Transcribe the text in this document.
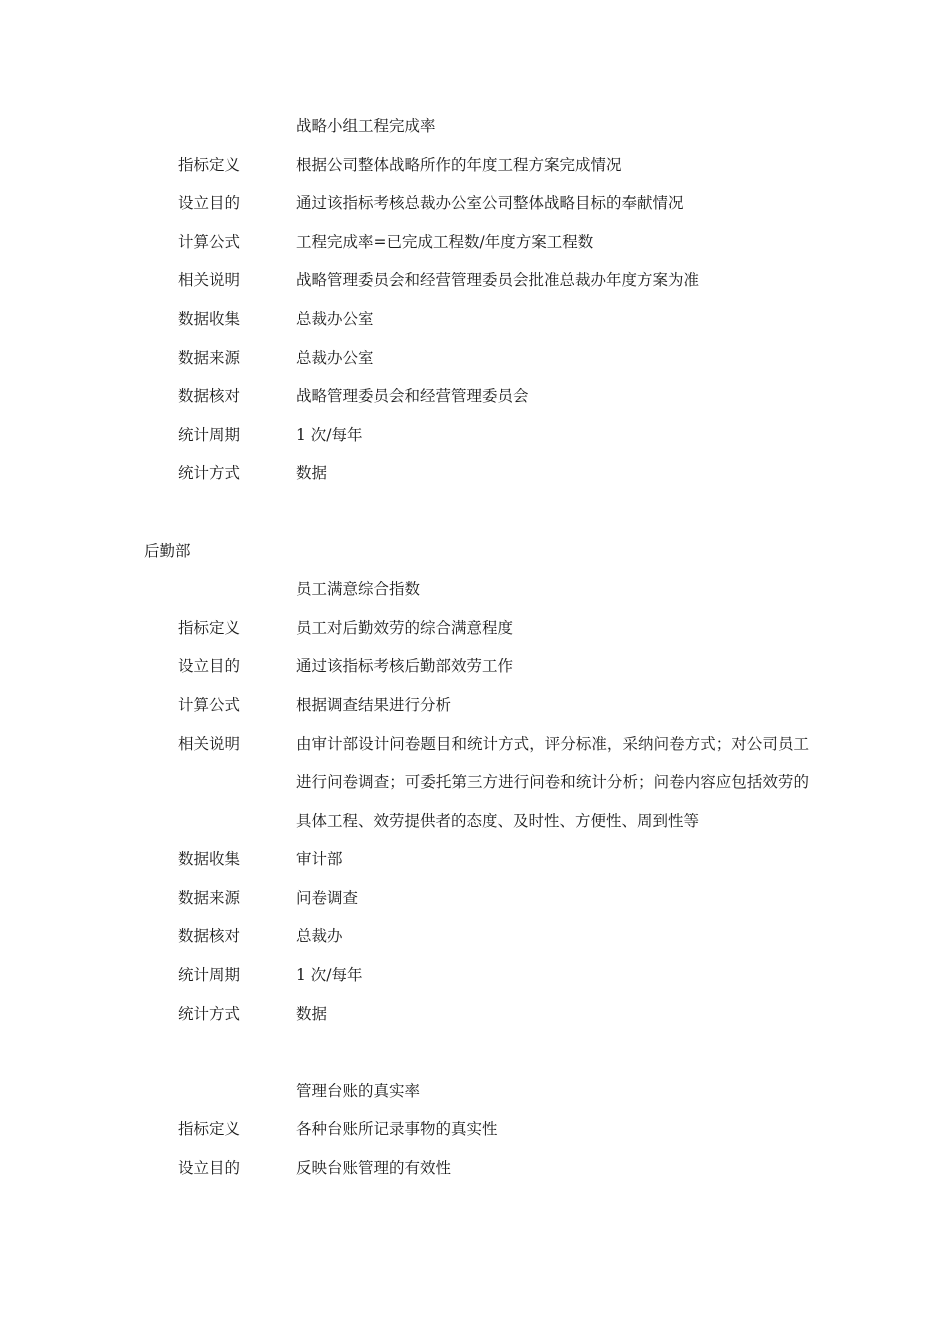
战略小组工程完成率
指标定义	根据公司整体战略所作的年度工程方案完成情况
设立目的	通过该指标考核总裁办公室公司整体战略目标的奉献情况
计算公式	工程完成率=已完成工程数/年度方案工程数
相关说明	战略管理委员会和经营管理委员会批准总裁办年度方案为准
数据收集	总裁办公室
数据来源	总裁办公室
数据核对	战略管理委员会和经营管理委员会
统计周期	1 次/每年
统计方式	数据
后勤部
员工满意综合指数
指标定义	员工对后勤效劳的综合满意程度
设立目的	通过该指标考核后勤部效劳工作
计算公式	根据调查结果进行分析
相关说明	由审计部设计问卷题目和统计方式，评分标准，采纳问卷方式；对公司员工进行问卷调查；可委托第三方进行问卷和统计分析；问卷内容应包括效劳的具体工程、效劳提供者的态度、及时性、方便性、周到性等
数据收集	审计部
数据来源	问卷调查
数据核对	总裁办
统计周期	1 次/每年
统计方式	数据
管理台账的真实率
指标定义	各种台账所记录事物的真实性
设立目的	反映台账管理的有效性
